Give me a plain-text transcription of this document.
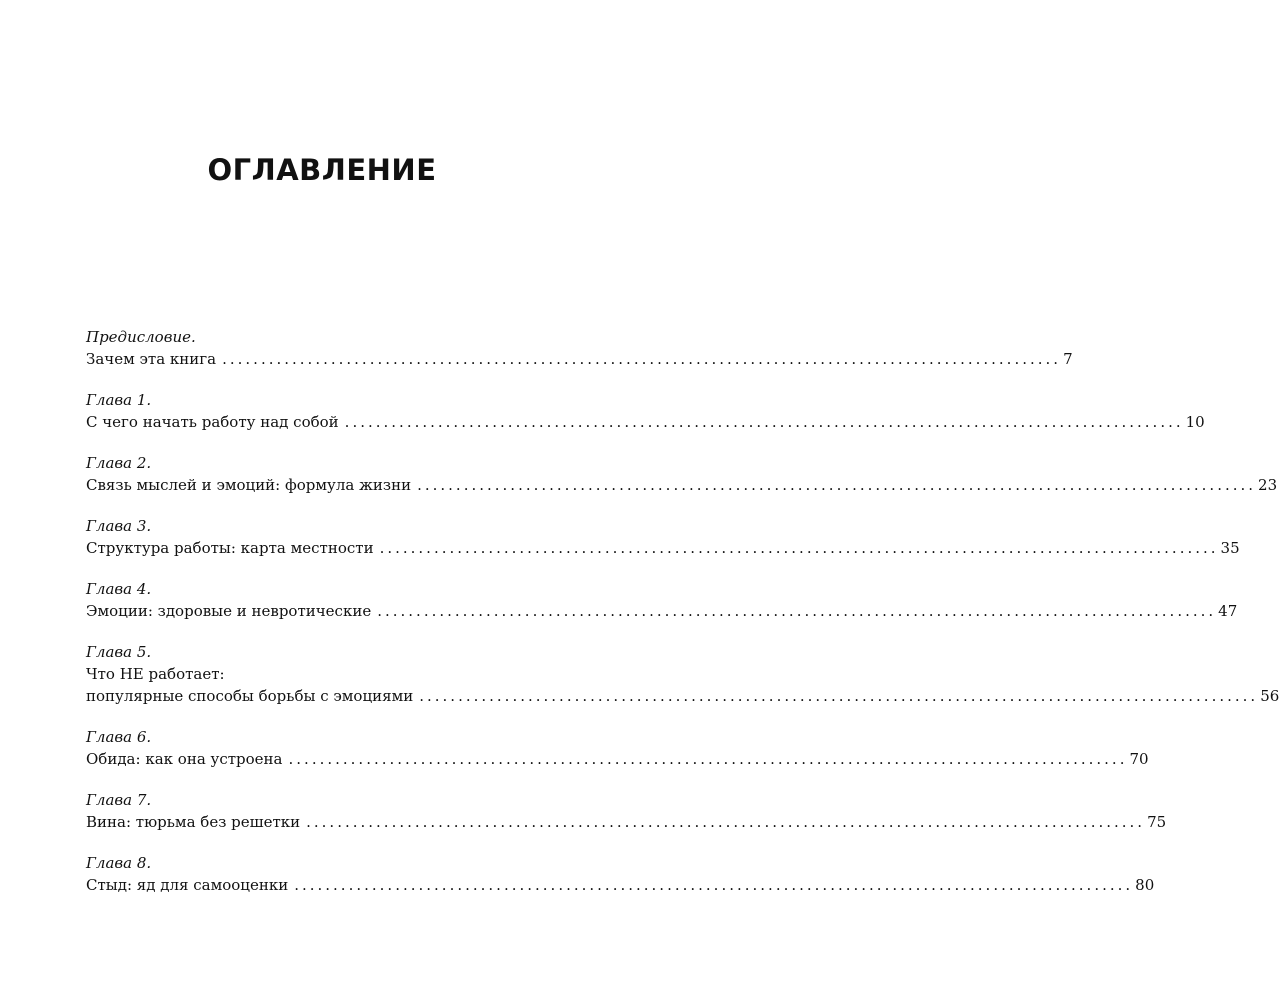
ОГЛАВЛЕНИЕ
Предисловие.
Зачем эта книга ............................................................................................................ 7
Глава 1.
С чего начать работу над собой ............................................................................................................ 10
Глава 2.
Связь мыслей и эмоций: формула жизни ............................................................................................................ 23
Глава 3.
Структура работы: карта местности ............................................................................................................ 35
Глава 4.
Эмоции: здоровые и невротические ............................................................................................................ 47
Глава 5.
Что НЕ работает:
популярные способы борьбы с эмоциями ............................................................................................................ 56
Глава 6.
Обида: как она устроена ............................................................................................................ 70
Глава 7.
Вина: тюрьма без решетки ............................................................................................................ 75
Глава 8.
Стыд: яд для самооценки ............................................................................................................ 80
